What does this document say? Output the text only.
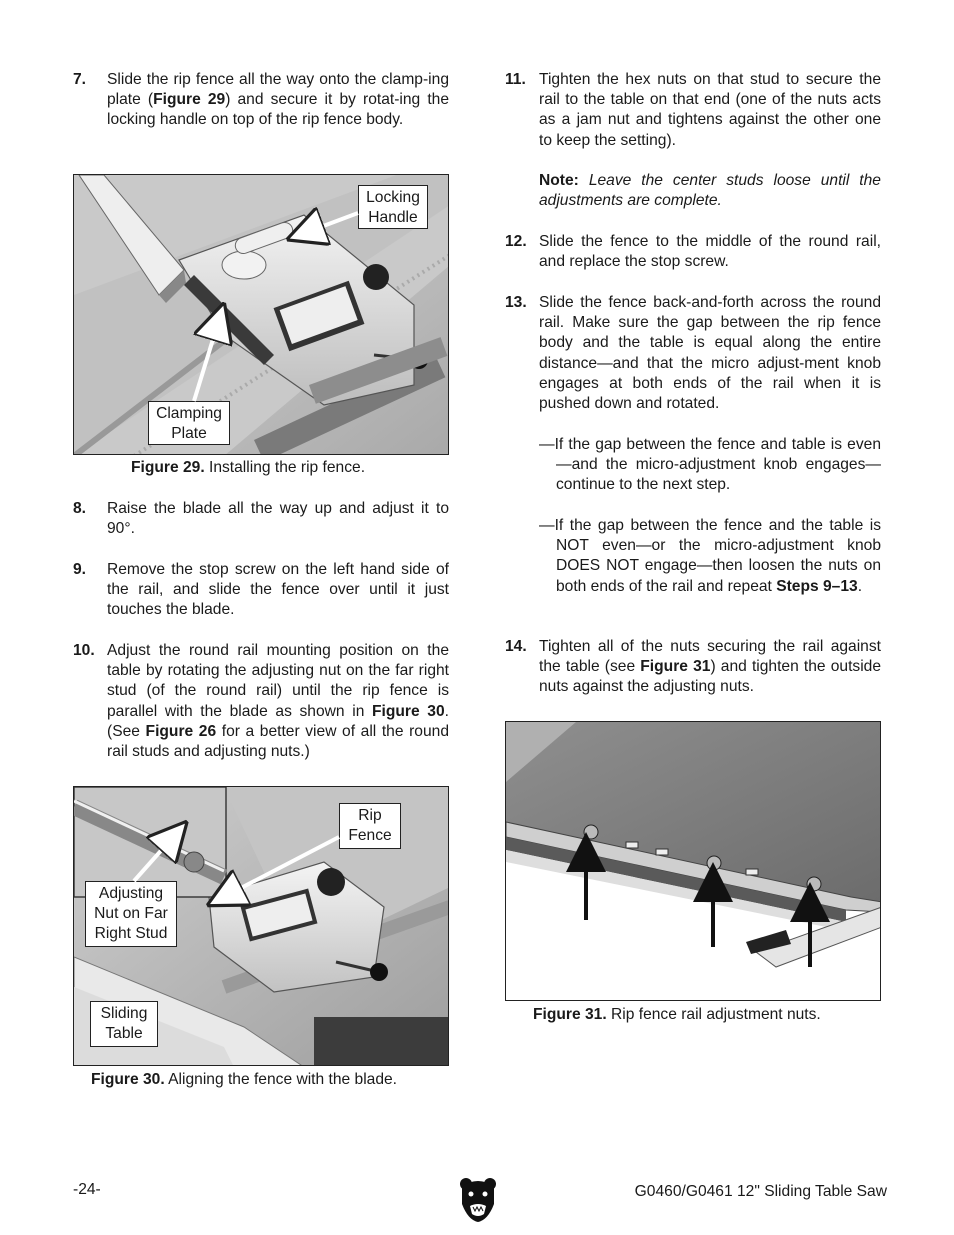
7. Slide the rip fence all the way onto the clamp-ing plate (Figure 29) and secure it by rotat-ing the locking handle on top of the rip fence body.
Locking
Handle
Clamping
Plate
Figure 29. Installing the rip fence.
8. Raise the blade all the way up and adjust it to 90°.
9. Remove the stop screw on the left hand side of the rail, and slide the fence over until it just touches the blade.
10. Adjust the round rail mounting position on the table by rotating the adjusting nut on the far right stud (of the round rail) until the rip fence is parallel with the blade as shown in Figure 30. (See Figure 26 for a better view of all the round rail studs and adjusting nuts.)
Rip
Fence
Adjusting
Nut on Far
Right Stud
Sliding
Table
Figure 30. Aligning the fence with the blade.
11. Tighten the hex nuts on that stud to secure the rail to the table on that end (one of the nuts acts as a jam nut and tightens against the other one to keep the setting).
Note: Leave the center studs loose until the adjustments are complete.
12. Slide the fence to the middle of the round rail, and replace the stop screw.
13. Slide the fence back-and-forth across the round rail. Make sure the gap between the rip fence body and the table is equal along the entire distance—and that the micro adjust-ment knob engages at both ends of the rail when it is pushed down and rotated.
—If the gap between the fence and table is even—and the micro-adjustment knob engages—continue to the next step.
—If the gap between the fence and the table is NOT even—or the micro-adjustment knob DOES NOT engage—then loosen the nuts on both ends of the rail and repeat Steps 9–13.
14. Tighten all of the nuts securing the rail against the table (see Figure 31) and tighten the outside nuts against the adjusting nuts.
Figure 31. Rip fence rail adjustment nuts.
-24-	G0460/G0461 12" Sliding Table Saw
